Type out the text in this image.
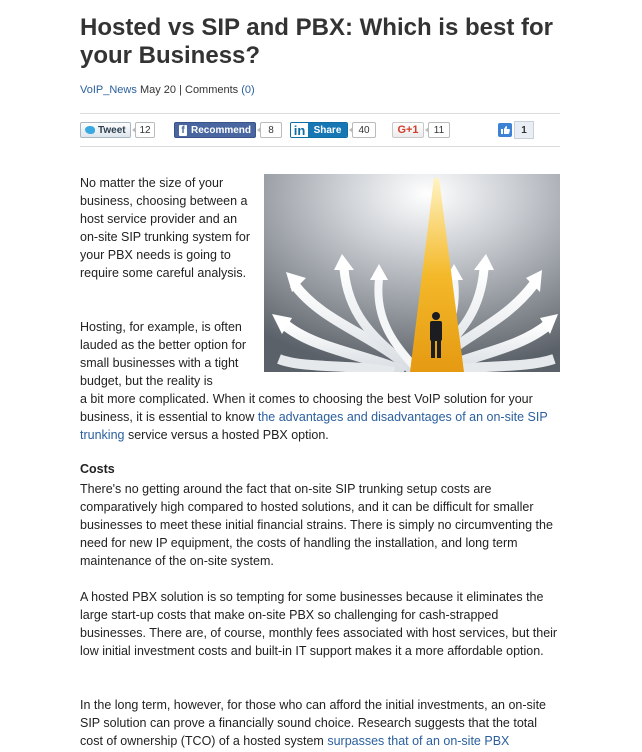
Hosted vs SIP and PBX: Which is best for your Business?
VoIP_News May 20 | Comments (0)
Tweet	12	f Recommend	8	in Share	40	G+1	11	1

No matter the size of your business, choosing between a host service provider and an on-site SIP trunking system for your PBX needs is going to require some careful analysis.

Hosting, for example, is often lauded as the better option for small businesses with a tight budget, but the reality is

a bit more complicated. When it comes to choosing the best VoIP solution for your business, it is essential to know the advantages and disadvantages of an on-site SIP trunking service versus a hosted PBX option.

Costs

There's no getting around the fact that on-site SIP trunking setup costs are comparatively high compared to hosted solutions, and it can be difficult for smaller businesses to meet these initial financial strains. There is simply no circumventing the need for new IP equipment, the costs of handling the installation, and long term maintenance of the on-site system.

A hosted PBX solution is so tempting for some businesses because it eliminates the large start-up costs that make on-site PBX so challenging for cash-strapped businesses. There are, of course, monthly fees associated with host services, but their low initial investment costs and built-in IT support makes it a more affordable option.

In the long term, however, for those who can afford the initial investments, an on-site SIP solution can prove a financially sound choice. Research suggests that the total cost of ownership (TCO) of a hosted system surpasses that of an on-site PBX
